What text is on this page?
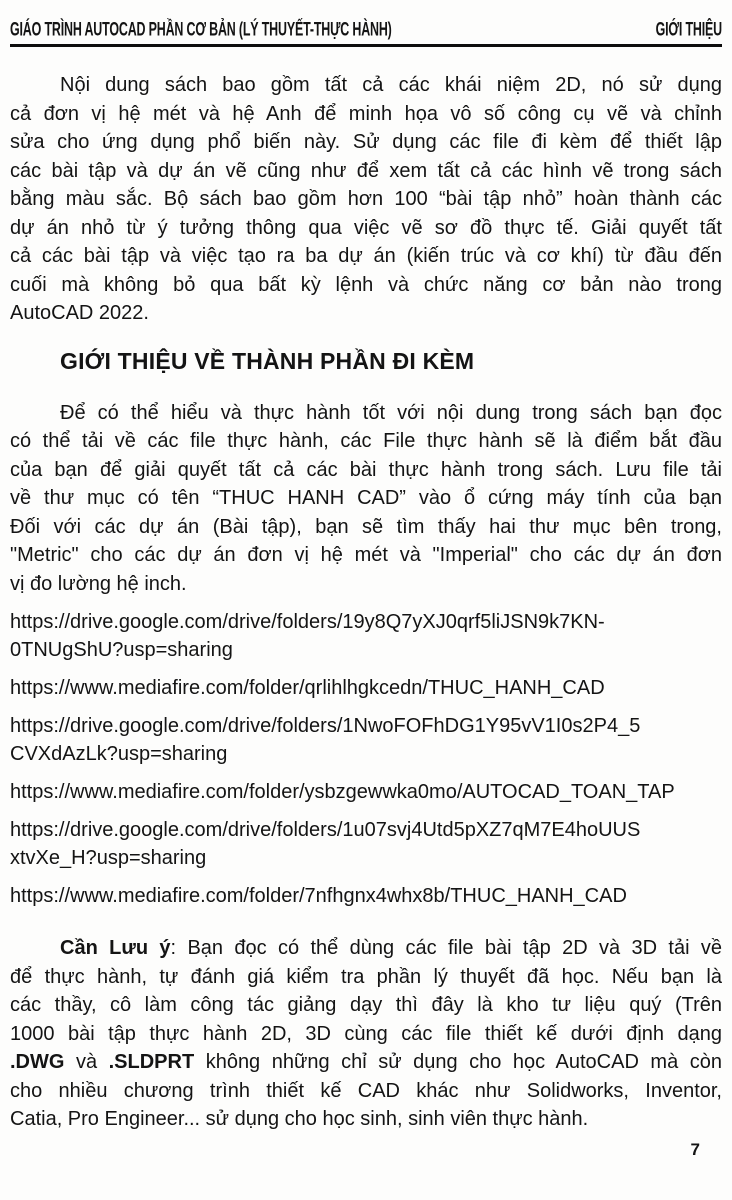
GIÁO TRÌNH AUTOCAD PHẦN CƠ BẢN (LÝ THUYẾT-THỰC HÀNH)	GIỚI THIỆU
Nội dung sách bao gồm tất cả các khái niệm 2D, nó sử dụng
cả đơn vị hệ mét và hệ Anh để minh họa vô số công cụ vẽ và chỉnh
sửa cho ứng dụng phổ biến này. Sử dụng các file đi kèm để thiết lập
các bài tập và dự án vẽ cũng như để xem tất cả các hình vẽ trong sách
bằng màu sắc. Bộ sách bao gồm hơn 100 “bài tập nhỏ” hoàn thành các
dự án nhỏ từ ý tưởng thông qua việc vẽ sơ đồ thực tế. Giải quyết tất
cả các bài tập và việc tạo ra ba dự án (kiến trúc và cơ khí) từ đầu đến
cuối mà không bỏ qua bất kỳ lệnh và chức năng cơ bản nào trong
AutoCAD 2022.
GIỚI THIỆU VỀ THÀNH PHẦN ĐI KÈM
Để có thể hiểu và thực hành tốt với nội dung trong sách bạn đọc
có thể tải về các file thực hành, các File thực hành sẽ là điểm bắt đầu
của bạn để giải quyết tất cả các bài thực hành trong sách. Lưu file tải
về thư mục có tên “THUC HANH CAD” vào ổ cứng máy tính của bạn
Đối với các dự án (Bài tập), bạn sẽ tìm thấy hai thư mục bên trong,
"Metric" cho các dự án đơn vị hệ mét và "Imperial" cho các dự án đơn
vị đo lường hệ inch.
https://drive.google.com/drive/folders/19y8Q7yXJ0qrf5liJSN9k7KN-
0TNUgShU?usp=sharing
https://www.mediafire.com/folder/qrlihlhgkcedn/THUC_HANH_CAD
https://drive.google.com/drive/folders/1NwoFOFhDG1Y95vV1I0s2P4_5
CVXdAzLk?usp=sharing
https://www.mediafire.com/folder/ysbzgewwka0mo/AUTOCAD_TOAN_TAP
https://drive.google.com/drive/folders/1u07svj4Utd5pXZ7qM7E4hoUUS
xtvXe_H?usp=sharing
https://www.mediafire.com/folder/7nfhgnx4whx8b/THUC_HANH_CAD
Cần Lưu ý: Bạn đọc có thể dùng các file bài tập 2D và 3D tải về
để thực hành, tự đánh giá kiểm tra phần lý thuyết đã học. Nếu bạn là
các thầy, cô làm công tác giảng dạy thì đây là kho tư liệu quý (Trên
1000 bài tập thực hành 2D, 3D cùng các file thiết kế dưới định dạng
.DWG và .SLDPRT không những chỉ sử dụng cho học AutoCAD mà còn
cho nhiều chương trình thiết kế CAD khác như Solidworks, Inventor,
Catia, Pro Engineer... sử dụng cho học sinh, sinh viên thực hành.
7
